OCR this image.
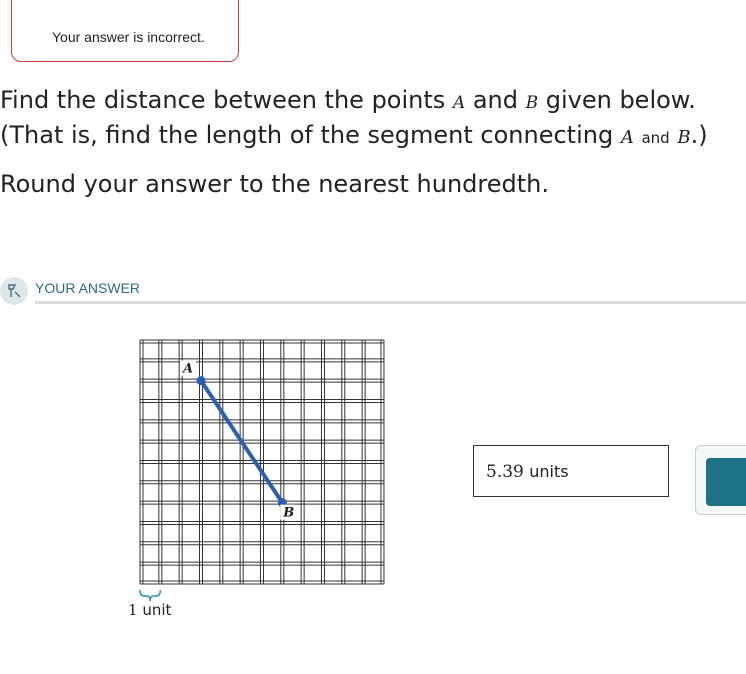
Your answer is incorrect.
Find the distance between the points A and B given below.
(That is, find the length of the segment connecting A and B.)
Round your answer to the nearest hundredth.
YOUR ANSWER
A
B
1 unit
5.39 units
